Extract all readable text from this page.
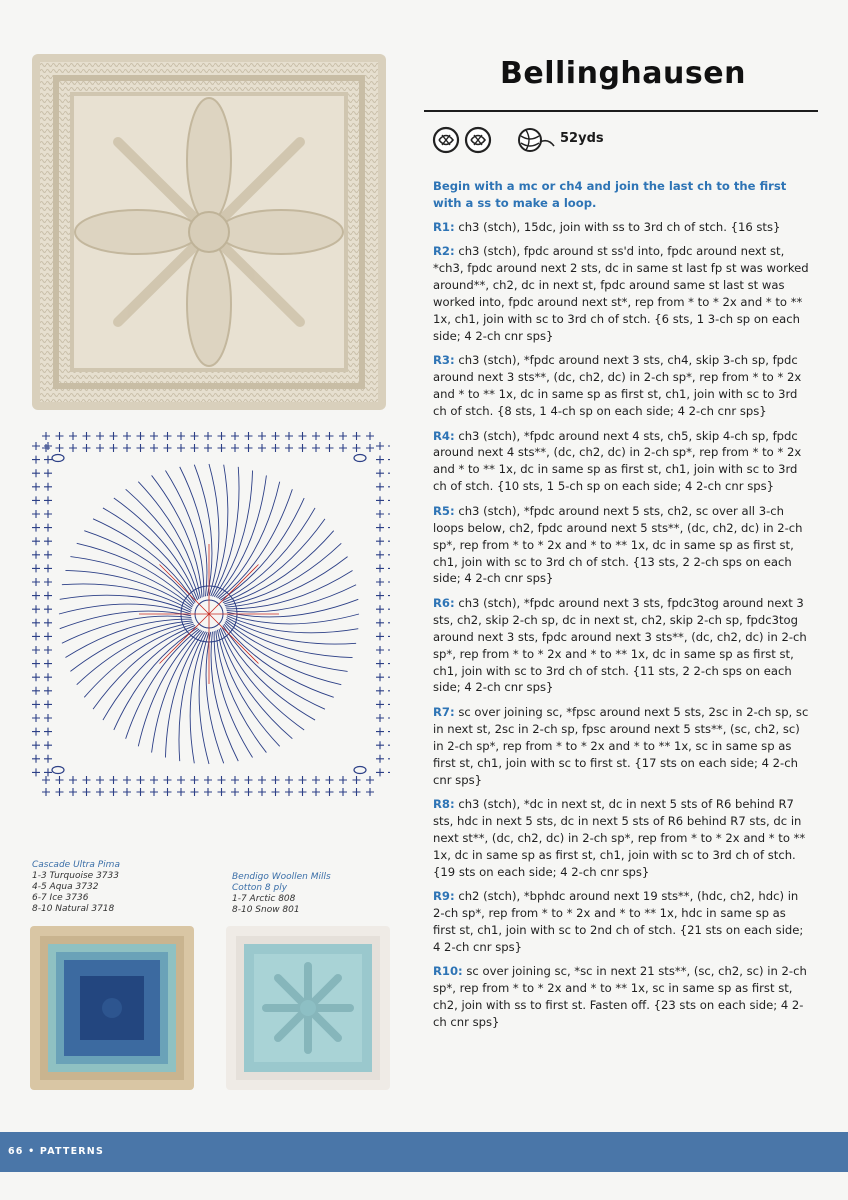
Cascade Ultra Pima
1-3 Turquoise 3733
4-5 Aqua 3732
6-7 Ice 3736
8-10 Natural 3718
Bendigo Woollen Mills
Cotton 8 ply
1-7 Arctic 808
8-10 Snow 801
Bellinghausen
52yds

Begin with a mc or ch4 and join the last ch to the first with a ss to make a loop.

R1: ch3 (stch), 15dc, join with ss to 3rd ch of stch. {16 sts}

R2: ch3 (stch), fpdc around st ss'd into, fpdc around next st, *ch3, fpdc around next 2 sts, dc in same st last fp st was worked around**, ch2, dc in next st, fpdc around same st last st was worked into, fpdc around next st*, rep from * to * 2x and * to ** 1x, ch1, join with sc to 3rd ch of stch. {6 sts, 1 3-ch sp on each side; 4 2-ch cnr sps}

R3: ch3 (stch), *fpdc around next 3 sts, ch4, skip 3-ch sp, fpdc around next 3 sts**, (dc, ch2, dc) in 2-ch sp*, rep from * to * 2x and * to ** 1x, dc in same sp as first st, ch1, join with sc to 3rd ch of stch. {8 sts, 1 4-ch sp on each side; 4 2-ch cnr sps}

R4: ch3 (stch), *fpdc around next 4 sts, ch5, skip 4-ch sp, fpdc around next 4 sts**, (dc, ch2, dc) in 2-ch sp*, rep from * to * 2x and * to ** 1x, dc in same sp as first st, ch1, join with sc to 3rd ch of stch. {10 sts, 1 5-ch sp on each side; 4 2-ch cnr sps}

R5: ch3 (stch), *fpdc around next 5 sts, ch2, sc over all 3-ch loops below, ch2, fpdc around next 5 sts**, (dc, ch2, dc) in 2-ch sp*, rep from * to * 2x and * to ** 1x, dc in same sp as first st, ch1, join with sc to 3rd ch of stch. {13 sts, 2 2-ch sps on each side; 4 2-ch cnr sps}

R6: ch3 (stch), *fpdc around next 3 sts, fpdc3tog around next 3 sts, ch2, skip 2-ch sp, dc in next st, ch2, skip 2-ch sp, fpdc3tog around next 3 sts, fpdc around next 3 sts**, (dc, ch2, dc) in 2-ch sp*, rep from * to * 2x and * to ** 1x, dc in same sp as first st, ch1, join with sc to 3rd ch of stch. {11 sts, 2 2-ch sps on each side; 4 2-ch cnr sps}

R7: sc over joining sc, *fpsc around next 5 sts, 2sc in 2-ch sp, sc in next st, 2sc in 2-ch sp, fpsc around next 5 sts**, (sc, ch2, sc) in 2-ch sp*, rep from * to * 2x and * to ** 1x, sc in same sp as first st, ch1, join with sc to first st. {17 sts on each side; 4 2-ch cnr sps}

R8: ch3 (stch), *dc in next st, dc in next 5 sts of R6 behind R7 sts, hdc in next 5 sts, dc in next 5 sts of R6 behind R7 sts, dc in next st**, (dc, ch2, dc) in 2-ch sp*, rep from * to * 2x and * to ** 1x, dc in same sp as first st, ch1, join with sc to 3rd ch of stch. {19 sts on each side; 4 2-ch cnr sps}

R9: ch2 (stch), *bphdc around next 19 sts**, (hdc, ch2, hdc) in 2-ch sp*, rep from * to * 2x and * to ** 1x, hdc in same sp as first st, ch1, join with sc to 2nd ch of stch. {21 sts on each side; 4 2-ch cnr sps}

R10: sc over joining sc, *sc in next 21 sts**, (sc, ch2, sc) in 2-ch sp*, rep from * to * 2x and * to ** 1x, sc in same sp as first st, ch2, join with ss to first st. Fasten off. {23 sts on each side; 4 2-ch cnr sps}

66 • PATTERNS
